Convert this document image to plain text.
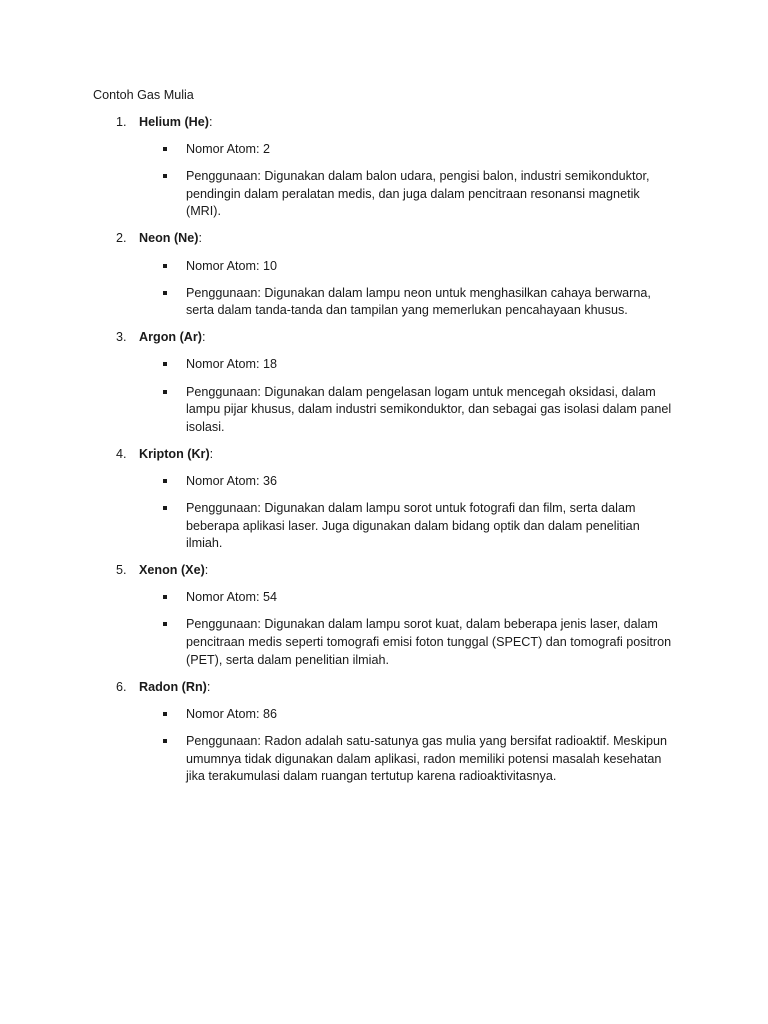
Contoh Gas Mulia
1. Helium (He):
Nomor Atom: 2
Penggunaan: Digunakan dalam balon udara, pengisi balon, industri semikonduktor, pendingin dalam peralatan medis, dan juga dalam pencitraan resonansi magnetik (MRI).
2. Neon (Ne):
Nomor Atom: 10
Penggunaan: Digunakan dalam lampu neon untuk menghasilkan cahaya berwarna, serta dalam tanda-tanda dan tampilan yang memerlukan pencahayaan khusus.
3. Argon (Ar):
Nomor Atom: 18
Penggunaan: Digunakan dalam pengelasan logam untuk mencegah oksidasi, dalam lampu pijar khusus, dalam industri semikonduktor, dan sebagai gas isolasi dalam panel isolasi.
4. Kripton (Kr):
Nomor Atom: 36
Penggunaan: Digunakan dalam lampu sorot untuk fotografi dan film, serta dalam beberapa aplikasi laser. Juga digunakan dalam bidang optik dan dalam penelitian ilmiah.
5. Xenon (Xe):
Nomor Atom: 54
Penggunaan: Digunakan dalam lampu sorot kuat, dalam beberapa jenis laser, dalam pencitraan medis seperti tomografi emisi foton tunggal (SPECT) dan tomografi positron (PET), serta dalam penelitian ilmiah.
6. Radon (Rn):
Nomor Atom: 86
Penggunaan: Radon adalah satu-satunya gas mulia yang bersifat radioaktif. Meskipun umumnya tidak digunakan dalam aplikasi, radon memiliki potensi masalah kesehatan jika terakumulasi dalam ruangan tertutup karena radioaktivitasnya.
